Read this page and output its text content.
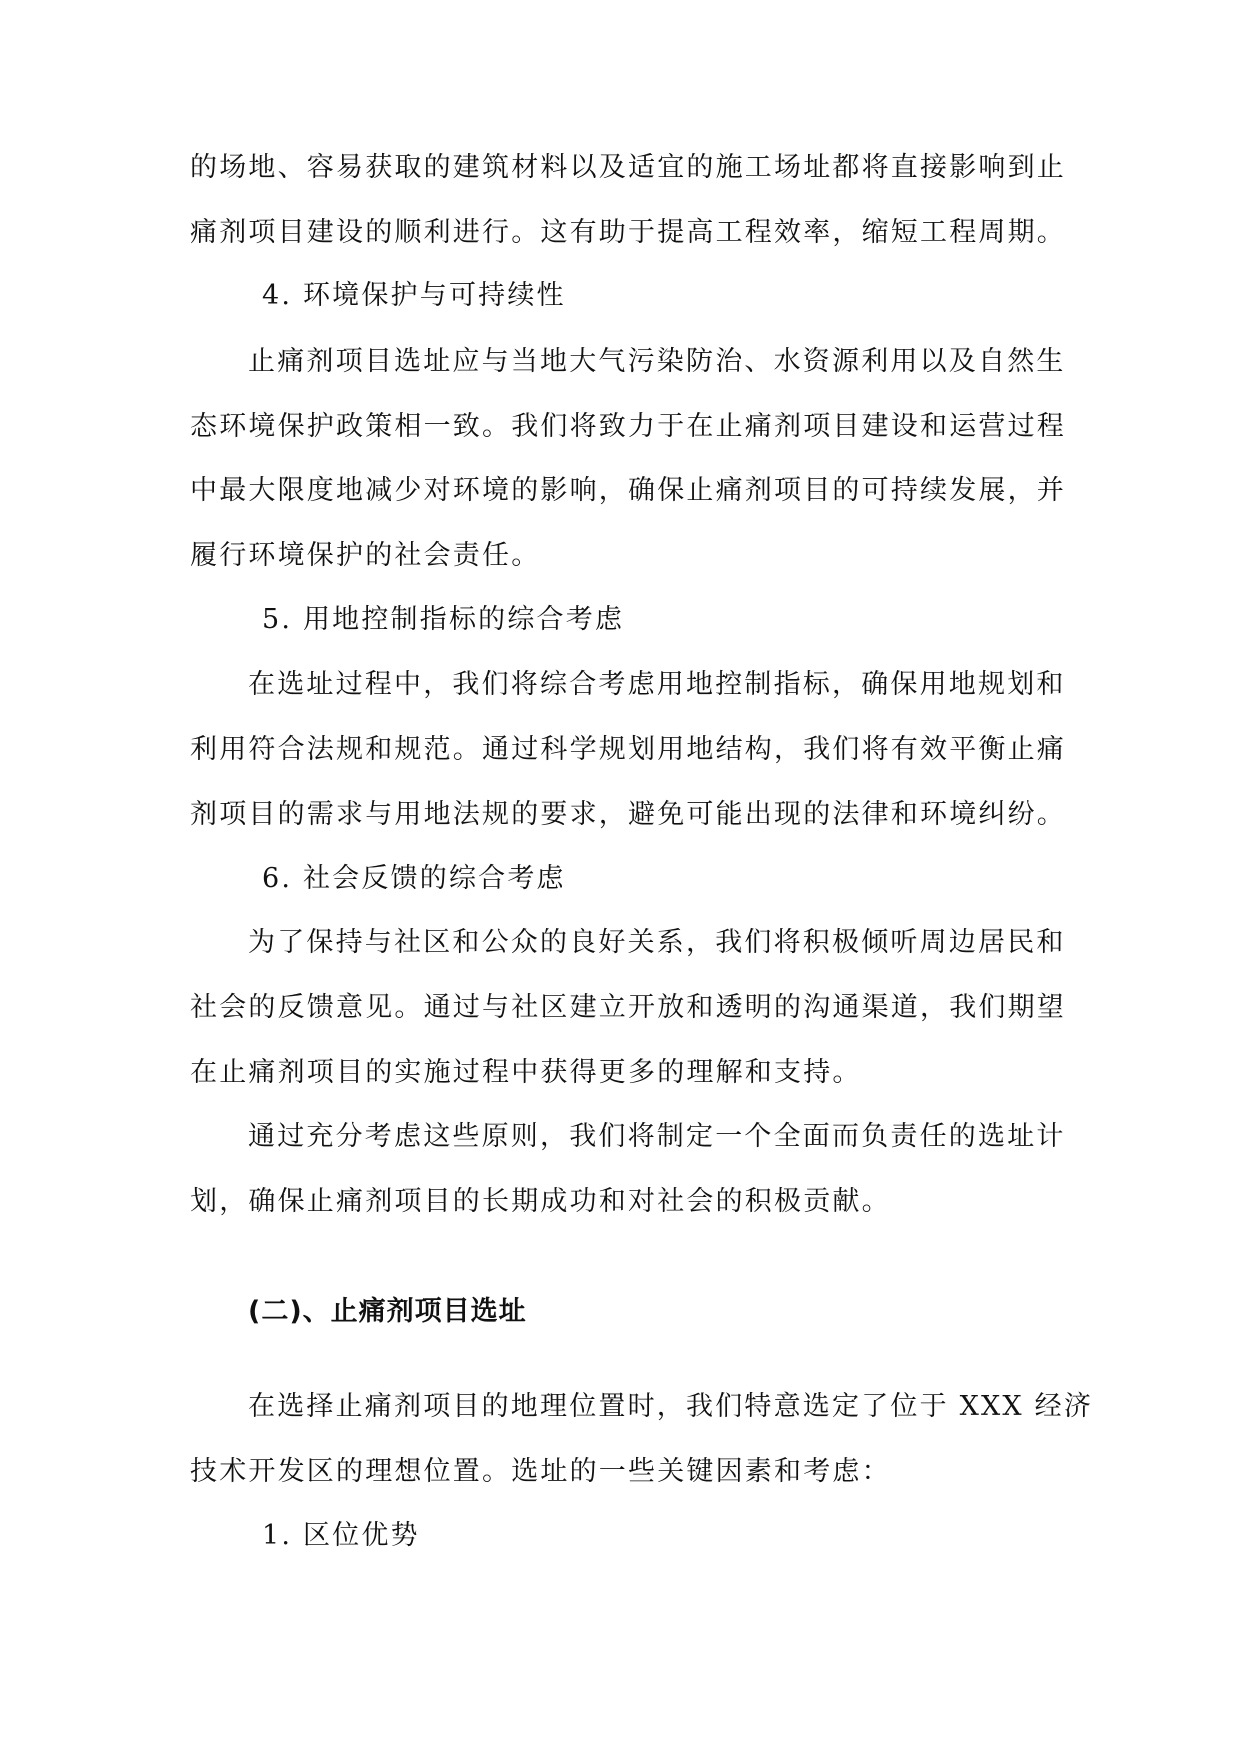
的场地、容易获取的建筑材料以及适宜的施工场址都将直接影响到止
痛剂项目建设的顺利进行。这有助于提高工程效率，缩短工程周期。
4. 环境保护与可持续性
止痛剂项目选址应与当地大气污染防治、水资源利用以及自然生
态环境保护政策相一致。我们将致力于在止痛剂项目建设和运营过程
中最大限度地减少对环境的影响，确保止痛剂项目的可持续发展，并
履行环境保护的社会责任。
5. 用地控制指标的综合考虑
在选址过程中，我们将综合考虑用地控制指标，确保用地规划和
利用符合法规和规范。通过科学规划用地结构，我们将有效平衡止痛
剂项目的需求与用地法规的要求，避免可能出现的法律和环境纠纷。
6. 社会反馈的综合考虑
为了保持与社区和公众的良好关系，我们将积极倾听周边居民和
社会的反馈意见。通过与社区建立开放和透明的沟通渠道，我们期望
在止痛剂项目的实施过程中获得更多的理解和支持。
通过充分考虑这些原则，我们将制定一个全面而负责任的选址计
划，确保止痛剂项目的长期成功和对社会的积极贡献。
(二)、止痛剂项目选址
在选择止痛剂项目的地理位置时，我们特意选定了位于 XXX 经济
技术开发区的理想位置。选址的一些关键因素和考虑：
1. 区位优势
